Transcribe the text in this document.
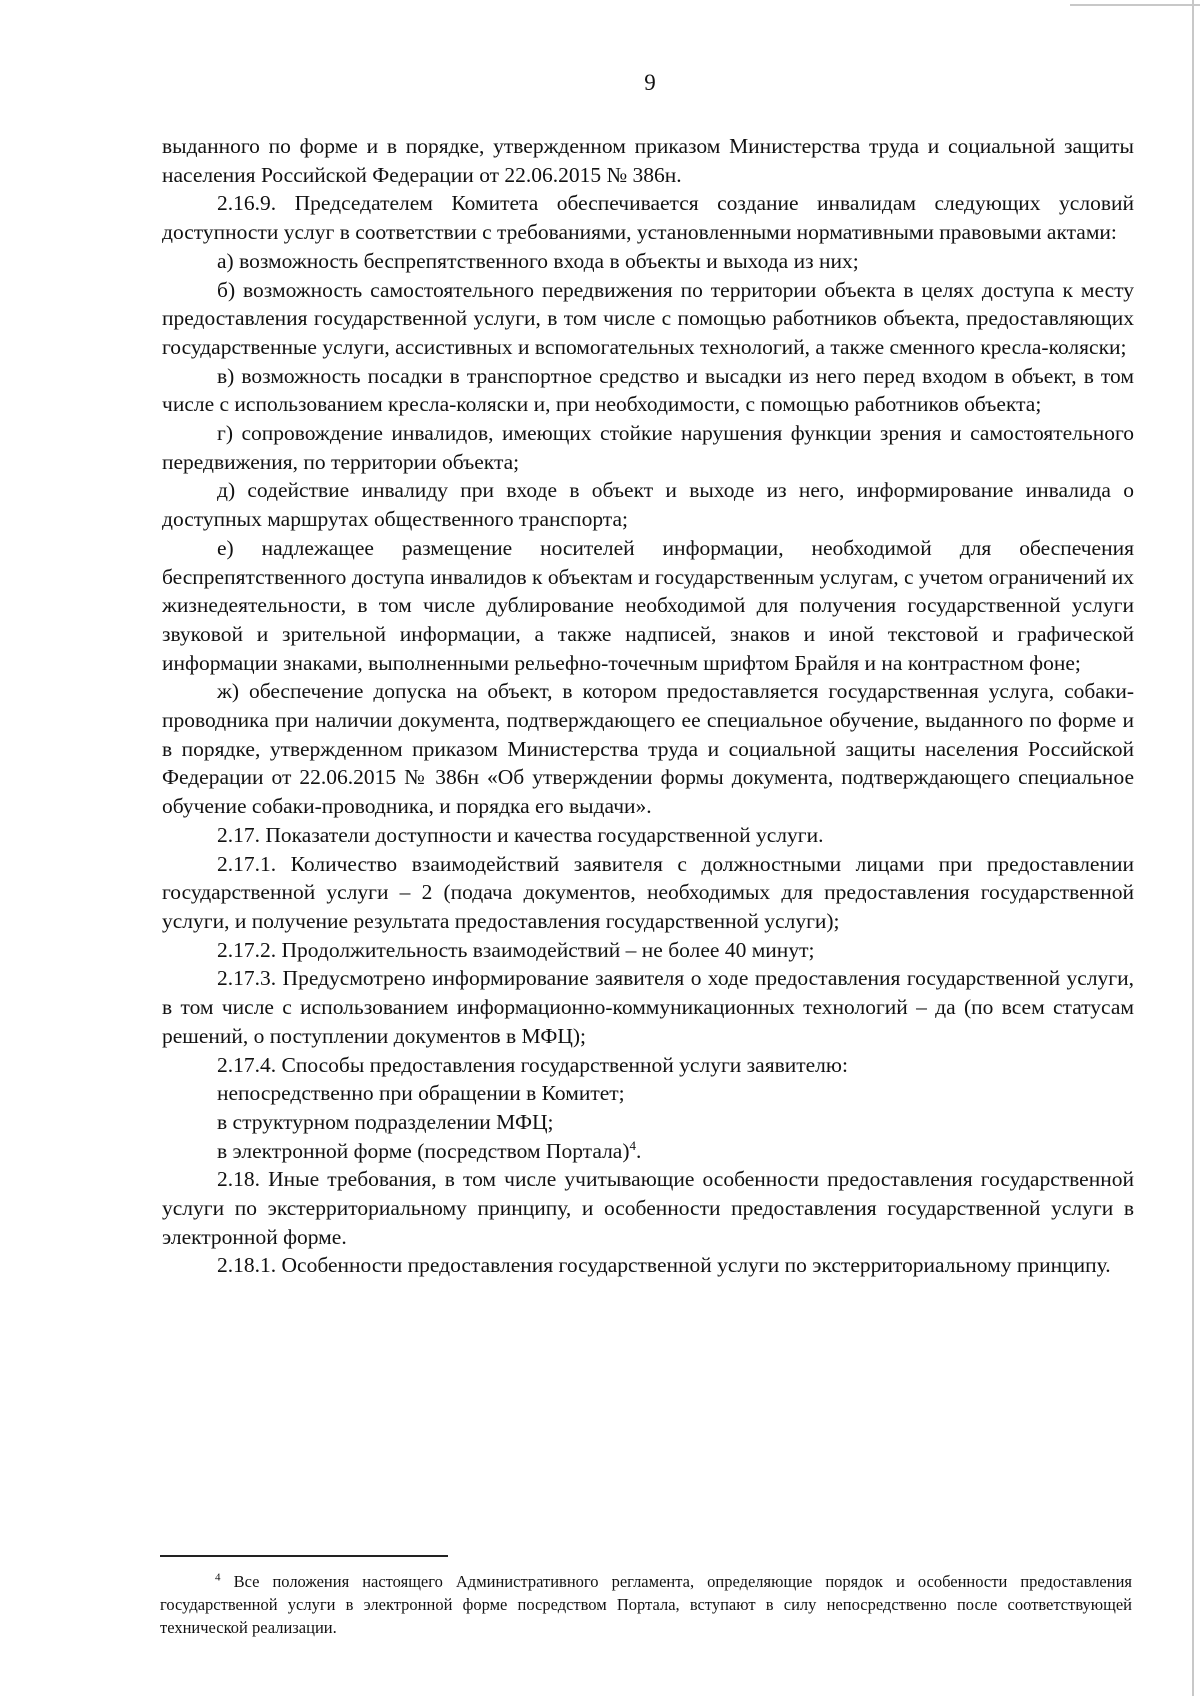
9

выданного по форме и в порядке, утвержденном приказом Министерства труда и социальной защиты населения Российской Федерации от 22.06.2015 № 386н.

2.16.9. Председателем Комитета обеспечивается создание инвалидам следующих условий доступности услуг в соответствии с требованиями, установленными нормативными правовыми актами:

а) возможность беспрепятственного входа в объекты и выхода из них;

б) возможность самостоятельного передвижения по территории объекта в целях доступа к месту предоставления государственной услуги, в том числе с помощью работников объекта, предоставляющих государственные услуги, ассистивных и вспомогательных технологий, а также сменного кресла-коляски;

в) возможность посадки в транспортное средство и высадки из него перед входом в объект, в том числе с использованием кресла-коляски и, при необходимости, с помощью работников объекта;

г) сопровождение инвалидов, имеющих стойкие нарушения функции зрения и самостоятельного передвижения, по территории объекта;

д) содействие инвалиду при входе в объект и выходе из него, информирование инвалида о доступных маршрутах общественного транспорта;

е) надлежащее размещение носителей информации, необходимой для обеспечения беспрепятственного доступа инвалидов к объектам и государственным услугам, с учетом ограничений их жизнедеятельности, в том числе дублирование необходимой для получения государственной услуги звуковой и зрительной информации, а также надписей, знаков и иной текстовой и графической информации знаками, выполненными рельефно-точечным шрифтом Брайля и на контрастном фоне;

ж) обеспечение допуска на объект, в котором предоставляется государственная услуга, собаки-проводника при наличии документа, подтверждающего ее специальное обучение, выданного по форме и в порядке, утвержденном приказом Министерства труда и социальной защиты населения Российской Федерации от 22.06.2015 № 386н «Об утверждении формы документа, подтверждающего специальное обучение собаки-проводника, и порядка его выдачи».

2.17. Показатели доступности и качества государственной услуги.

2.17.1. Количество взаимодействий заявителя с должностными лицами при предоставлении государственной услуги – 2 (подача документов, необходимых для предоставления государственной услуги, и получение результата предоставления государственной услуги);

2.17.2. Продолжительность взаимодействий – не более 40 минут;

2.17.3. Предусмотрено информирование заявителя о ходе предоставления государственной услуги, в том числе с использованием информационно-коммуникационных технологий – да (по всем статусам решений, о поступлении документов в МФЦ);

2.17.4. Способы предоставления государственной услуги заявителю:

непосредственно при обращении в Комитет;

в структурном подразделении МФЦ;

в электронной форме (посредством Портала)$^4$.

2.18. Иные требования, в том числе учитывающие особенности предоставления государственной услуги по экстерриториальному принципу, и особенности предоставления государственной услуги в электронной форме.

2.18.1. Особенности предоставления государственной услуги по экстерриториальному принципу.

$^4$ Все положения настоящего Административного регламента, определяющие порядок и особенности предоставления государственной услуги в электронной форме посредством Портала, вступают в силу непосредственно после соответствующей технической реализации.
